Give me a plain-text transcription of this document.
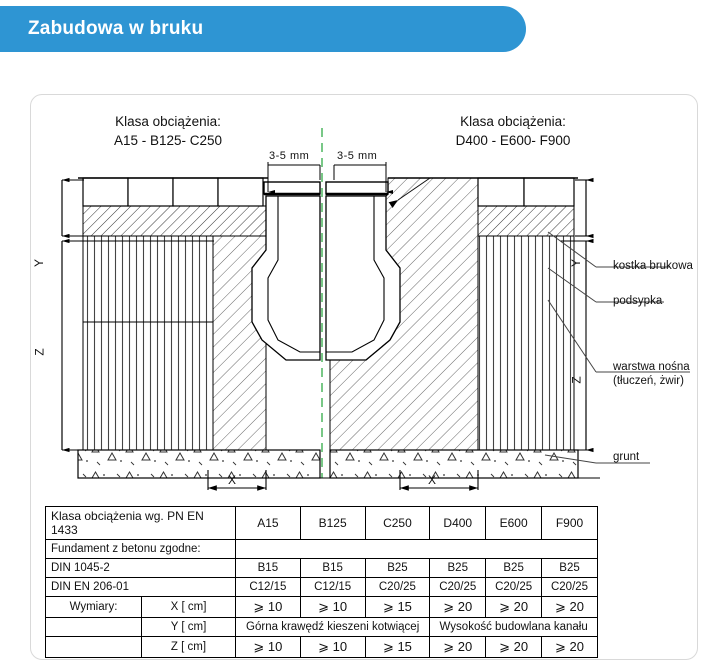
Zabudowa w bruku
Klasa obciążenia:
A15 - B125- C250
Klasa obciążenia:
D400 - E600- F900
3-5 mm	3-5 mm
Y
Z
Y
Z
X	X
kostka brukowa
podsypka
warstwa nośna
(tłuczeń, żwir)
grunt
Klasa obciążenia wg. PN EN 1433		A15	B125	C250	D400	E600	F900
Fundament z betonu zgodne:							
DIN 1045-2		B15	B15	B25	B25	B25	B25
DIN EN 206-01		C12/15	C12/15	C20/25	C20/25	C20/25	C20/25
Wymiary:	X [ cm]	⩾ 10	⩾ 10	⩾ 15	⩾ 20	⩾ 20	⩾ 20
	Y [ cm]	Górna krawędź kieszeni kotwiącej			Wysokość budowlana kanału		
	Z [ cm]	⩾ 10	⩾ 10	⩾ 15	⩾ 20	⩾ 20	⩾ 20
